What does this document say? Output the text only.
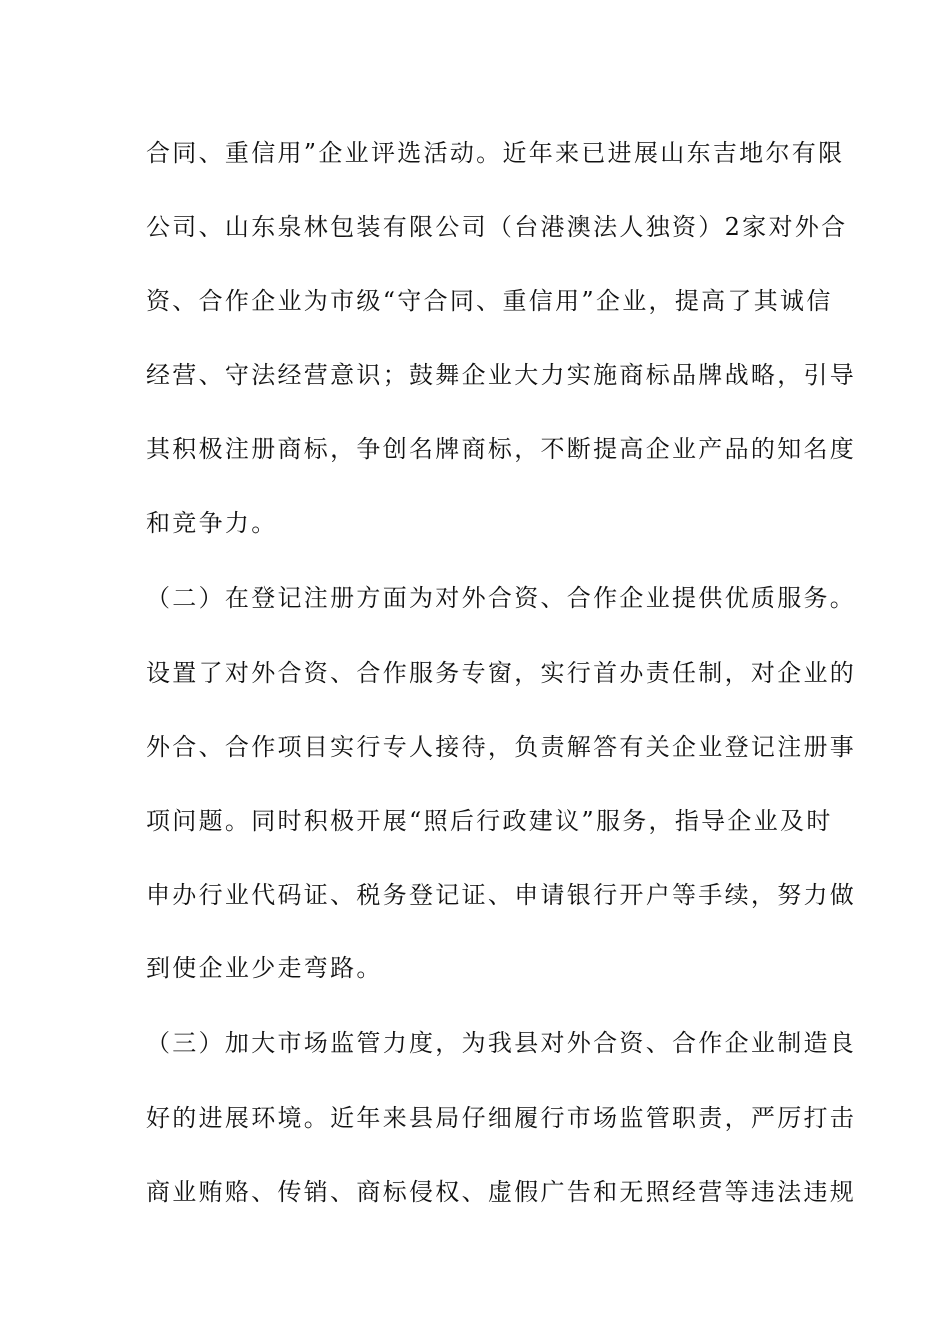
合同、重信用”企业评选活动。近年来已进展山东吉地尔有限
公司、山东泉林包装有限公司（台港澳法人独资）2家对外合
资、合作企业为市级“守合同、重信用”企业，提高了其诚信
经营、守法经营意识；鼓舞企业大力实施商标品牌战略，引导
其积极注册商标，争创名牌商标，不断提高企业产品的知名度
和竞争力。
（二）在登记注册方面为对外合资、合作企业提供优质服务。
设置了对外合资、合作服务专窗，实行首办责任制，对企业的
外合、合作项目实行专人接待，负责解答有关企业登记注册事
项问题。同时积极开展“照后行政建议”服务，指导企业及时
申办行业代码证、税务登记证、申请银行开户等手续，努力做
到使企业少走弯路。
（三）加大市场监管力度，为我县对外合资、合作企业制造良
好的进展环境。近年来县局仔细履行市场监管职责，严厉打击
商业贿赂、传销、商标侵权、虚假广告和无照经营等违法违规
